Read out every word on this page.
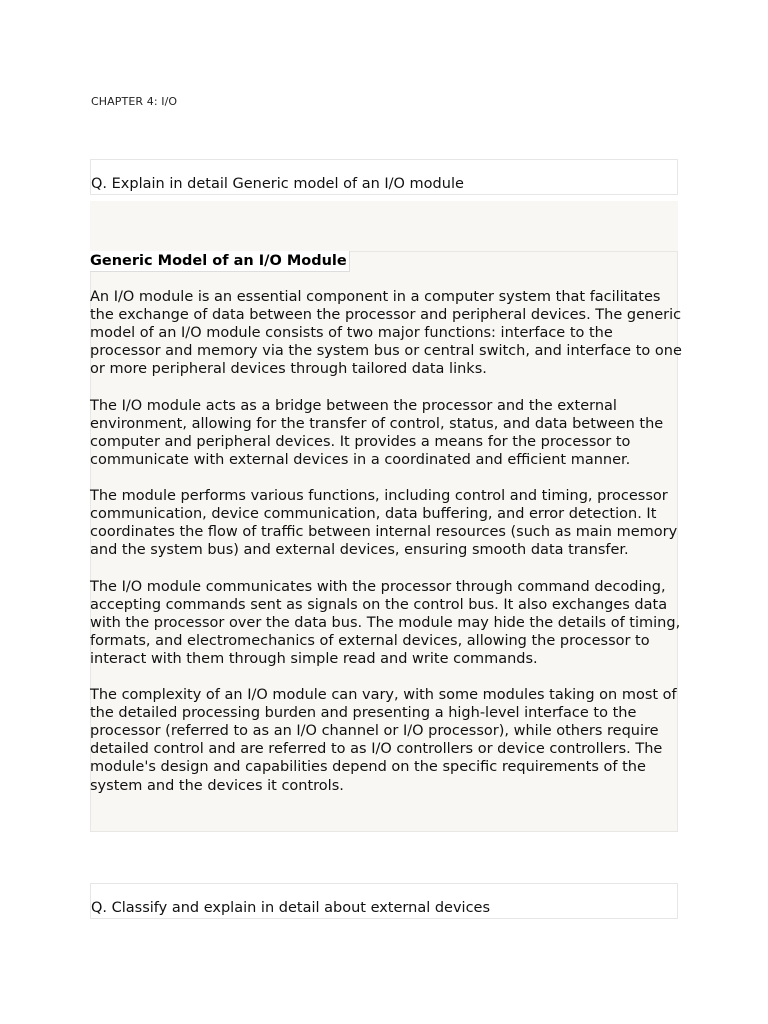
CHAPTER 4: I/O
Q. Explain in detail Generic model of an I/O module
Generic Model of an I/O Module

An I/O module is an essential component in a computer system that facilitates the exchange of data between the processor and peripheral devices. The generic model of an I/O module consists of two major functions: interface to the processor and memory via the system bus or central switch, and interface to one or more peripheral devices through tailored data links.

The I/O module acts as a bridge between the processor and the external environment, allowing for the transfer of control, status, and data between the computer and peripheral devices. It provides a means for the processor to communicate with external devices in a coordinated and efficient manner.

The module performs various functions, including control and timing, processor communication, device communication, data buffering, and error detection. It coordinates the flow of traffic between internal resources (such as main memory and the system bus) and external devices, ensuring smooth data transfer.

The I/O module communicates with the processor through command decoding, accepting commands sent as signals on the control bus. It also exchanges data with the processor over the data bus. The module may hide the details of timing, formats, and electromechanics of external devices, allowing the processor to interact with them through simple read and write commands.

The complexity of an I/O module can vary, with some modules taking on most of the detailed processing burden and presenting a high-level interface to the processor (referred to as an I/O channel or I/O processor), while others require detailed control and are referred to as I/O controllers or device controllers. The module's design and capabilities depend on the specific requirements of the system and the devices it controls.

Q. Classify and explain in detail about external devices
